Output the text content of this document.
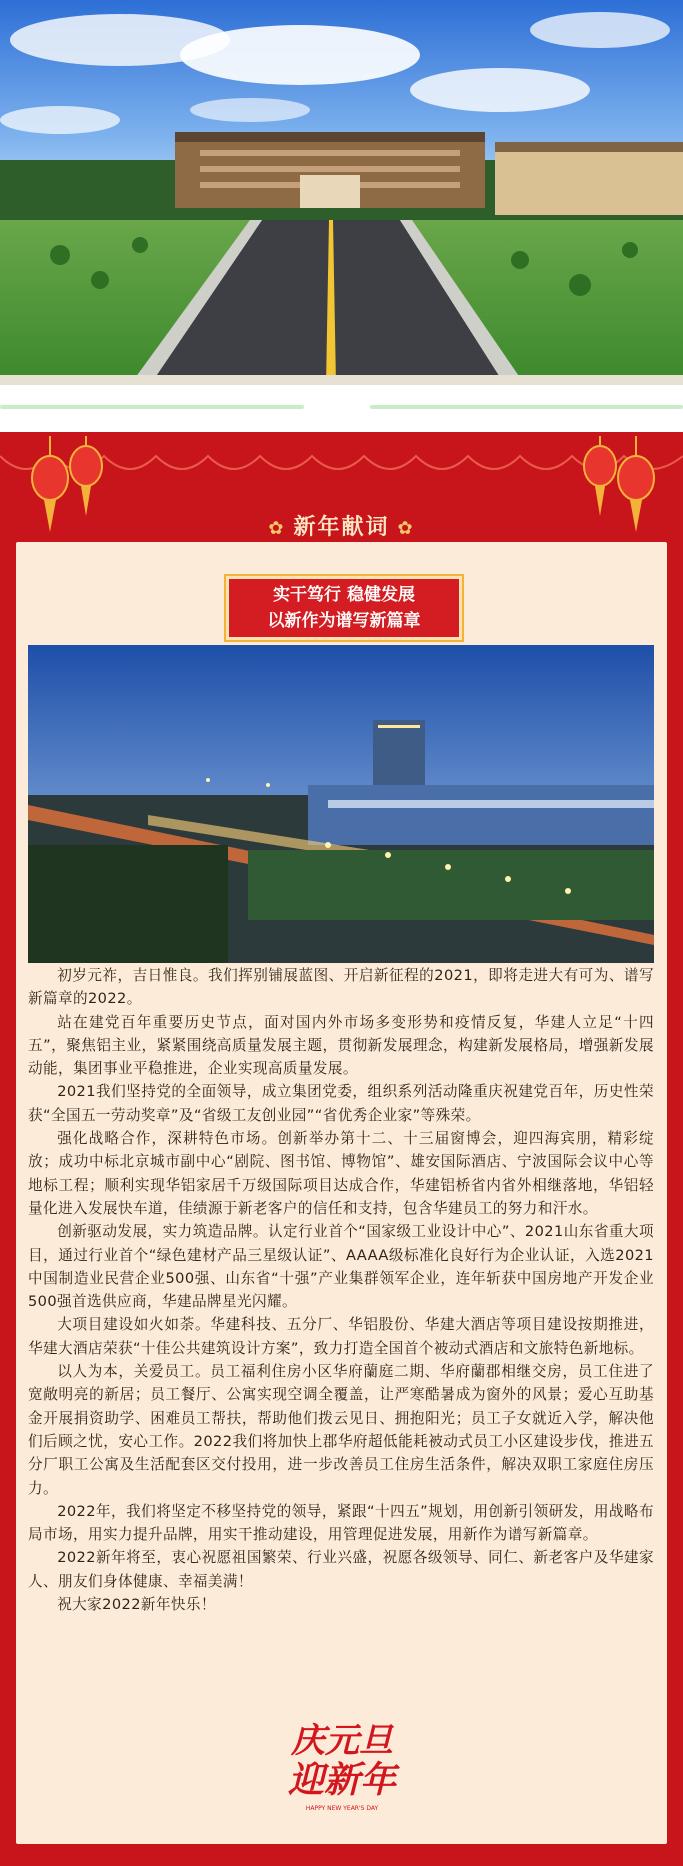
✿ 新年献词 ✿
实干笃行 稳健发展
以新作为谱写新篇章

初岁元祚，吉日惟良。我们挥别铺展蓝图、开启新征程的2021，即将走进大有可为、谱写新篇章的2022。

站在建党百年重要历史节点，面对国内外市场多变形势和疫情反复，华建人立足“十四五”，聚焦铝主业，紧紧围绕高质量发展主题，贯彻新发展理念，构建新发展格局，增强新发展动能，集团事业平稳推进，企业实现高质量发展。

2021我们坚持党的全面领导，成立集团党委，组织系列活动隆重庆祝建党百年，历史性荣获“全国五一劳动奖章”及“省级工友创业园”“省优秀企业家”等殊荣。

强化战略合作，深耕特色市场。创新举办第十二、十三届窗博会，迎四海宾朋，精彩绽放；成功中标北京城市副中心“剧院、图书馆、博物馆”、雄安国际酒店、宁波国际会议中心等地标工程；顺利实现华铝家居千万级国际项目达成合作，华建铝桥省内省外相继落地，华铝轻量化进入发展快车道，佳绩源于新老客户的信任和支持，包含华建员工的努力和汗水。

创新驱动发展，实力筑造品牌。认定行业首个“国家级工业设计中心”、2021山东省重大项目，通过行业首个“绿色建材产品三星级认证”、AAAA级标准化良好行为企业认证，入选2021中国制造业民营企业500强、山东省“十强”产业集群领军企业，连年斩获中国房地产开发企业500强首选供应商，华建品牌星光闪耀。

大项目建设如火如荼。华建科技、五分厂、华铝股份、华建大酒店等项目建设按期推进，华建大酒店荣获“十佳公共建筑设计方案”，致力打造全国首个被动式酒店和文旅特色新地标。

以人为本，关爱员工。员工福利住房小区华府蘭庭二期、华府蘭郡相继交房，员工住进了宽敞明亮的新居；员工餐厅、公寓实现空调全覆盖，让严寒酷暑成为窗外的风景；爱心互助基金开展捐资助学、困难员工帮扶，帮助他们拨云见日、拥抱阳光；员工子女就近入学，解决他们后顾之忧，安心工作。2022我们将加快上郡华府超低能耗被动式员工小区建设步伐，推进五分厂职工公寓及生活配套区交付投用，进一步改善员工住房生活条件，解决双职工家庭住房压力。

2022年，我们将坚定不移坚持党的领导，紧跟“十四五”规划，用创新引领研发，用战略布局市场，用实力提升品牌，用实干推动建设，用管理促进发展，用新作为谱写新篇章。

2022新年将至，衷心祝愿祖国繁荣、行业兴盛，祝愿各级领导、同仁、新老客户及华建家人、朋友们身体健康、幸福美满！

祝大家2022新年快乐！

庆元旦
迎新年
HAPPY NEW YEAR'S DAY
